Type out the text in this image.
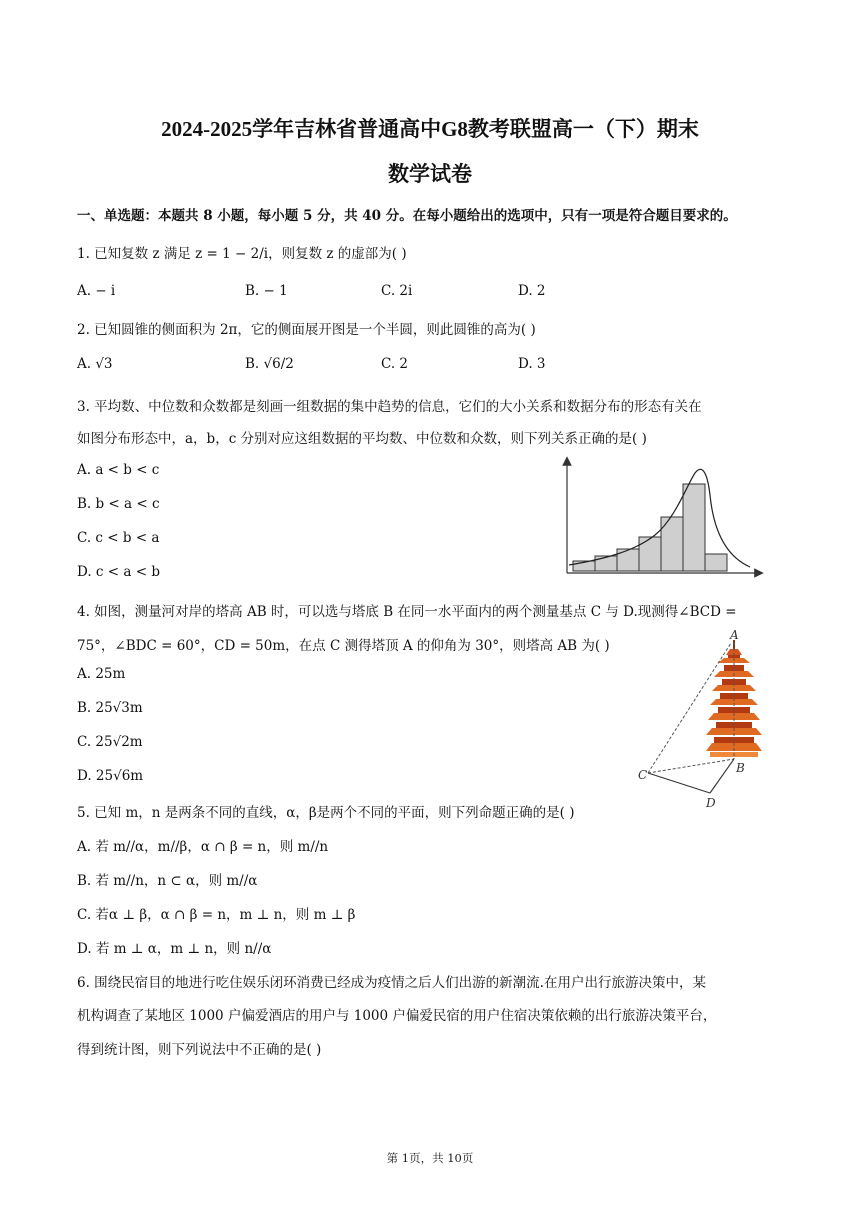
2024-2025学年吉林省普通高中G8教考联盟高一（下）期末
数学试卷
一、单选题：本题共 8 小题，每小题 5 分，共 40 分。在每小题给出的选项中，只有一项是符合题目要求的。
1. 已知复数 z 满足 z = 1 − 2/i，则复数 z 的虚部为( )
A. − i	B. − 1	C. 2i	D. 2
2. 已知圆锥的侧面积为 2π，它的侧面展开图是一个半圆，则此圆锥的高为( )
A. √3	B. √6/2	C. 2	D. 3
3. 平均数、中位数和众数都是刻画一组数据的集中趋势的信息，它们的大小关系和数据分布的形态有关在
如图分布形态中，a，b，c 分别对应这组数据的平均数、中位数和众数，则下列关系正确的是( )
A. a < b < c
B. b < a < c
C. c < b < a
D. c < a < b
4. 如图，测量河对岸的塔高 AB 时，可以选与塔底 B 在同一水平面内的两个测量基点 C 与 D.现测得∠BCD =
75°，∠BDC = 60°，CD = 50m，在点 C 测得塔顶 A 的仰角为 30°，则塔高 AB 为( )
A. 25m
B. 25√3m
C. 25√2m
D. 25√6m
A
B
C
D
5. 已知 m，n 是两条不同的直线，α，β是两个不同的平面，则下列命题正确的是( )
A. 若 m//α，m//β，α ∩ β = n，则 m//n
B. 若 m//n，n ⊂ α，则 m//α
C. 若α ⊥ β，α ∩ β = n，m ⊥ n，则 m ⊥ β
D. 若 m ⊥ α，m ⊥ n，则 n//α
6. 围绕民宿目的地进行吃住娱乐闭环消费已经成为疫情之后人们出游的新潮流.在用户出行旅游决策中，某
机构调查了某地区 1000 户偏爱酒店的用户与 1000 户偏爱民宿的用户住宿决策依赖的出行旅游决策平台，
得到统计图，则下列说法中不正确的是( )
第 1页，共 10页
